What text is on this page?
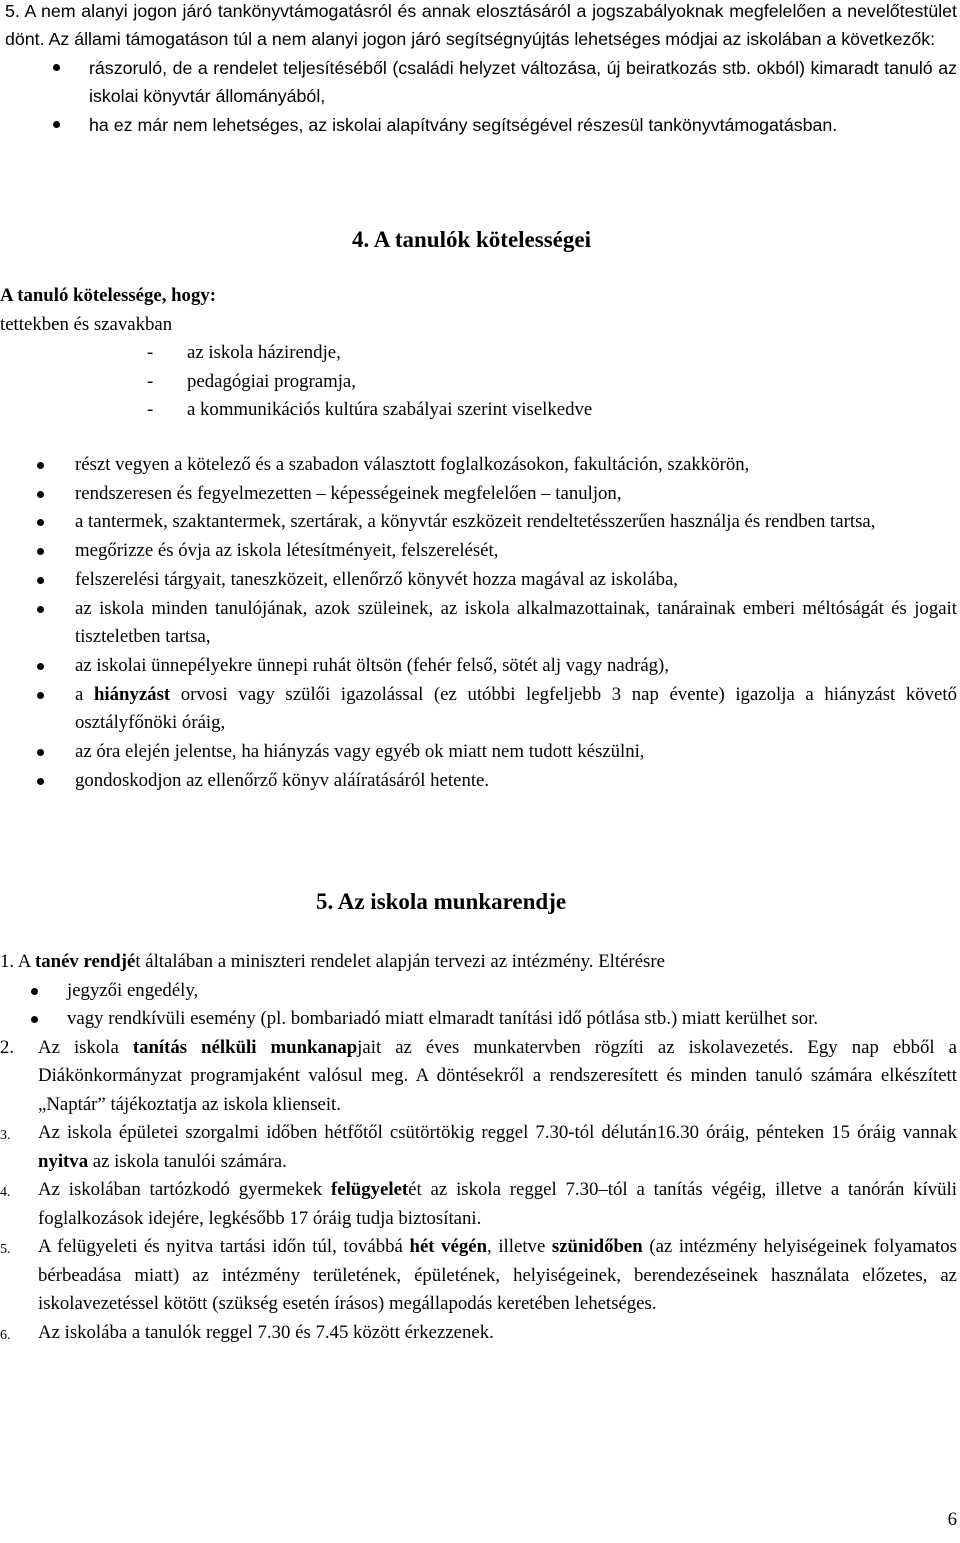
5. A nem alanyi jogon járó tankönyvtámogatásról és annak elosztásáról a jogszabályoknak megfelelően a nevelőtestület dönt. Az állami támogatáson túl a nem alanyi jogon járó segítségnyújtás lehetséges módjai az iskolában a következők:
rászoruló, de a rendelet teljesítéséből (családi helyzet változása, új beiratkozás stb. okból) kimaradt tanuló az iskolai könyvtár állományából,
ha ez már nem lehetséges, az iskolai alapítvány segítségével részesül tankönyvtámogatásban.
4. A tanulók kötelességei
A tanuló kötelessége, hogy:
tettekben és szavakban
- az iskola házirendje,
- pedagógiai programja,
- a kommunikációs kultúra szabályai szerint viselkedve
részt vegyen a kötelező és a szabadon választott foglalkozásokon, fakultáción, szakkörön,
rendszeresen és fegyelmezetten – képességeinek megfelelően – tanuljon,
a tantermek, szaktantermek, szertárak, a könyvtár eszközeit rendeltetésszerűen használja és rendben tartsa,
megőrizze és óvja az iskola létesítményeit, felszerelését,
felszerelési tárgyait, taneszközeit, ellenőrző könyvét hozza magával az iskolába,
az iskola minden tanulójának, azok szüleinek, az iskola alkalmazottainak, tanárainak emberi méltóságát és jogait tiszteletben tartsa,
az iskolai ünnepélyekre ünnepi ruhát öltsön (fehér felső, sötét alj vagy nadrág),
a hiányzást orvosi vagy szülői igazolással (ez utóbbi legfeljebb 3 nap évente) igazolja a hiányzást követő osztályfőnöki óráig,
az óra elején jelentse, ha hiányzás vagy egyéb ok miatt nem tudott készülni,
gondoskodjon az ellenőrző könyv aláíratásáról hetente.
5. Az iskola munkarendje
1. A tanév rendjét általában a miniszteri rendelet alapján tervezi az intézmény. Eltérésre
jegyzői engedély,
vagy rendkívüli esemény (pl. bombariadó miatt elmaradt tanítási idő pótlása stb.) miatt kerülhet sor.
2. Az iskola tanítás nélküli munkanapjait az éves munkatervben rögzíti az iskolavezetés. Egy nap ebből a Diákönkormányzat programjaként valósul meg. A döntésekről a rendszeresített és minden tanuló számára elkészített „Naptár” tájékoztatja az iskola klienseit.
3. Az iskola épületei szorgalmi időben hétfőtől csütörtökig reggel 7.30-tól délután16.30 óráig, pénteken 15 óráig vannak nyitva az iskola tanulói számára.
4. Az iskolában tartózkodó gyermekek felügyeletét az iskola reggel 7.30–tól a tanítás végéig, illetve a tanórán kívüli foglalkozások idejére, legkésőbb 17 óráig tudja biztosítani.
5. A felügyeleti és nyitva tartási időn túl, továbbá hét végén, illetve szünidőben (az intézmény helyiségeinek folyamatos bérbeadása miatt) az intézmény területének, épületének, helyiségeinek, berendezéseinek használata előzetes, az iskolavezetéssel kötött (szükség esetén írásos) megállapodás keretében lehetséges.
6. Az iskolába a tanulók reggel 7.30 és 7.45 között érkezzenek.
6
